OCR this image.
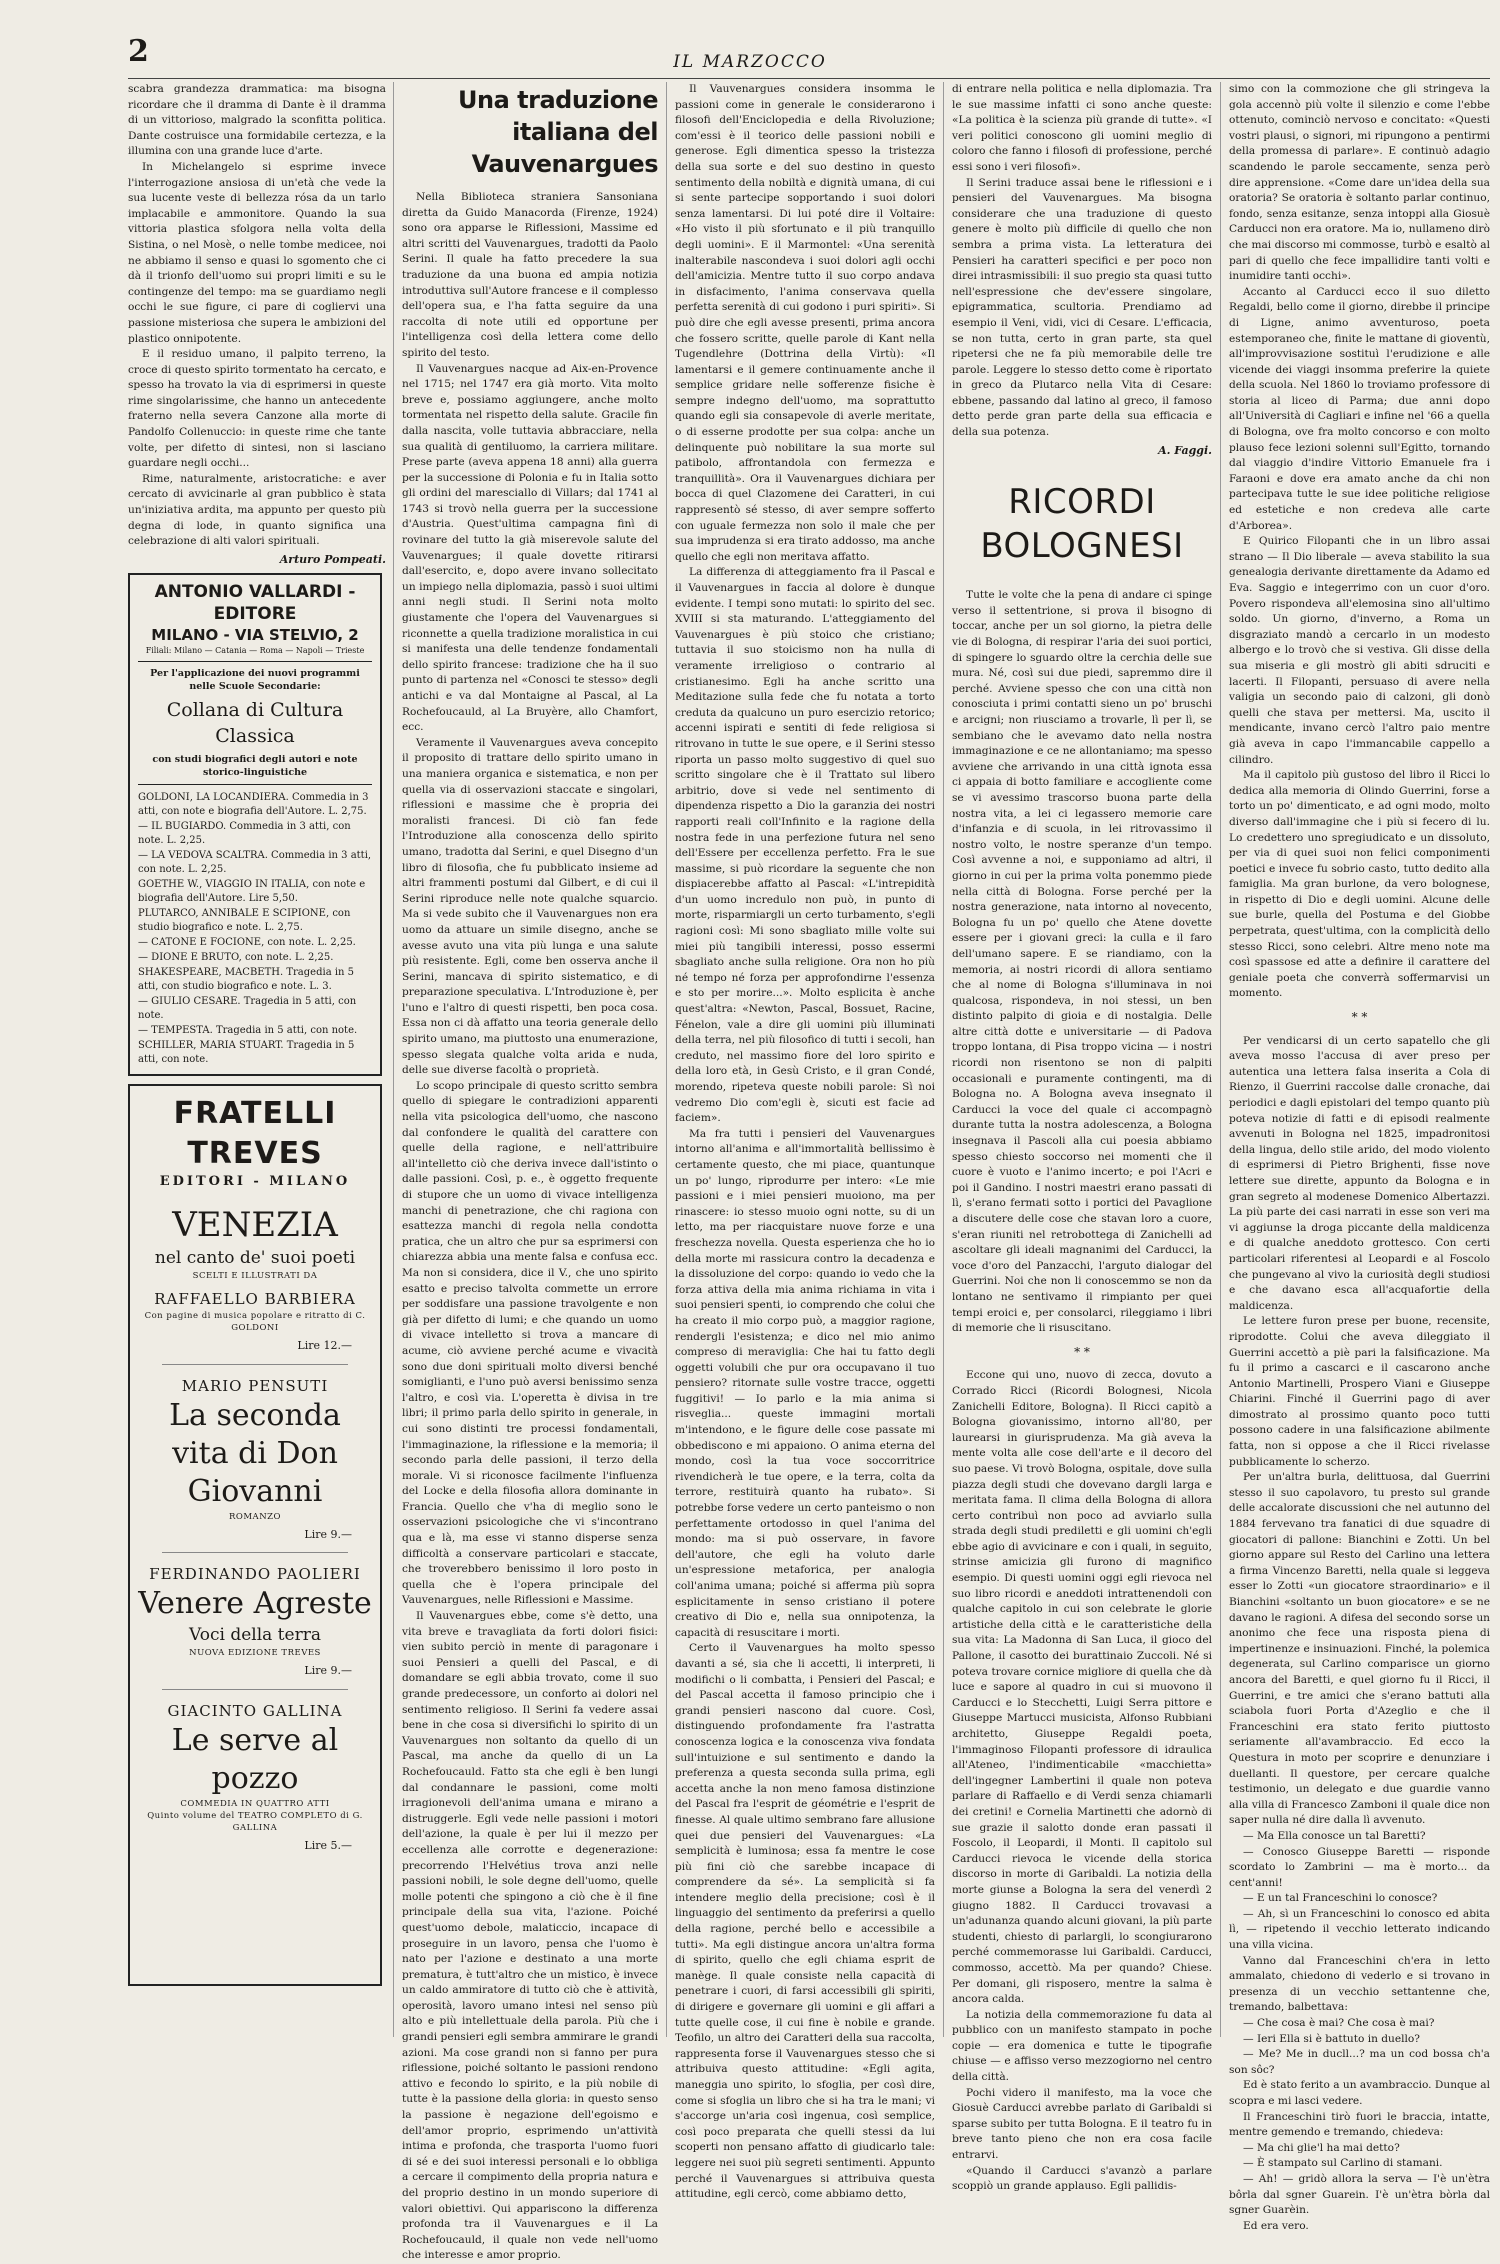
2	IL MARZOCCO

scabra grandezza drammatica: ma bisogna ricordare che il dramma di Dante è il dramma di un vittorioso, malgrado la sconfitta politica. Dante costruisce una formidabile certezza, e la illumina con una grande luce d'arte.

In Michelangelo si esprime invece l'interrogazione ansiosa di un'età che vede la sua lucente veste di bellezza rósa da un tarlo implacabile e ammonitore. Quando la sua vittoria plastica sfolgora nella volta della Sistina, o nel Mosè, o nelle tombe medicee, noi ne abbiamo il senso e quasi lo sgomento che ci dà il trionfo dell'uomo sui propri limiti e su le contingenze del tempo: ma se guardiamo negli occhi le sue figure, ci pare di cogliervi una passione misteriosa che supera le ambizioni del plastico onnipotente.

E il residuo umano, il palpito terreno, la croce di questo spirito tormentato ha cercato, e spesso ha trovato la via di esprimersi in queste rime singolarissime, che hanno un antecedente fraterno nella severa Canzone alla morte di Pandolfo Collenuccio: in queste rime che tante volte, per difetto di sintesi, non si lasciano guardare negli occhi...

Rime, naturalmente, aristocratiche: e aver cercato di avvicinarle al gran pubblico è stata un'iniziativa ardita, ma appunto per questo più degna di lode, in quanto significa una celebrazione di alti valori spirituali.

Arturo Pompeati.
ANTONIO VALLARDI - EDITORE
MILANO - VIA STELVIO, 2
Filiali: Milano — Catania — Roma — Napoli — Trieste
Per l'applicazione dei nuovi programmi nelle Scuole Secondarie:
Collana di Cultura Classica
con studi biografici degli autori e note storico-linguistiche
GOLDONI, LA LOCANDIERA. Commedia in 3 atti, con note e biografia dell'Autore. L. 2,75.
— IL BUGIARDO. Commedia in 3 atti, con note. L. 2,25.
— LA VEDOVA SCALTRA. Commedia in 3 atti, con note. L. 2,25.
GOETHE W., VIAGGIO IN ITALIA, con note e biografia dell'Autore. Lire 5,50.
PLUTARCO, ANNIBALE E SCIPIONE, con studio biografico e note. L. 2,75.
— CATONE E FOCIONE, con note. L. 2,25.
— DIONE E BRUTO, con note. L. 2,25.
SHAKESPEARE, MACBETH. Tragedia in 5 atti, con studio biografico e note. L. 3.
— GIULIO CESARE. Tragedia in 5 atti, con note.
— TEMPESTA. Tragedia in 5 atti, con note.
SCHILLER, MARIA STUART. Tragedia in 5 atti, con note.
FRATELLI TREVES
EDITORI - MILANO
VENEZIA
nel canto de' suoi poeti
SCELTI E ILLUSTRATI DA
RAFFAELLO BARBIERA
Con pagine di musica popolare e ritratto di C. GOLDONI
Lire 12.—
MARIO PENSUTI
La seconda vita di Don Giovanni
ROMANZO
Lire 9.—
FERDINANDO PAOLIERI
Venere Agreste
Voci della terra
NUOVA EDIZIONE TREVES
Lire 9.—
GIACINTO GALLINA
Le serve al pozzo
COMMEDIA IN QUATTRO ATTI
Quinto volume del TEATRO COMPLETO di G. GALLINA
Lire 5.—
Una traduzione italiana del Vauvenargues

Nella Biblioteca straniera Sansoniana diretta da Guido Manacorda (Firenze, 1924) sono ora apparse le Riflessioni, Massime ed altri scritti del Vauvenargues, tradotti da Paolo Serini. Il quale ha fatto precedere la sua traduzione da una buona ed ampia notizia introduttiva sull'Autore francese e il complesso dell'opera sua, e l'ha fatta seguire da una raccolta di note utili ed opportune per l'intelligenza così della lettera come dello spirito del testo.

Il Vauvenargues nacque ad Aix-en-Provence nel 1715; nel 1747 era già morto. Vita molto breve e, possiamo aggiungere, anche molto tormentata nel rispetto della salute. Gracile fin dalla nascita, volle tuttavia abbracciare, nella sua qualità di gentiluomo, la carriera militare. Prese parte (aveva appena 18 anni) alla guerra per la successione di Polonia e fu in Italia sotto gli ordini del maresciallo di Villars; dal 1741 al 1743 si trovò nella guerra per la successione d'Austria. Quest'ultima campagna finì di rovinare del tutto la già miserevole salute del Vauvenargues; il quale dovette ritirarsi dall'esercito, e, dopo avere invano sollecitato un impiego nella diplomazia, passò i suoi ultimi anni negli studi. Il Serini nota molto giustamente che l'opera del Vauvenargues si riconnette a quella tradizione moralistica in cui si manifesta una delle tendenze fondamentali dello spirito francese: tradizione che ha il suo punto di partenza nel «Conosci te stesso» degli antichi e va dal Montaigne al Pascal, al La Rochefoucauld, al La Bruyère, allo Chamfort, ecc.

Veramente il Vauvenargues aveva concepito il proposito di trattare dello spirito umano in una maniera organica e sistematica, e non per quella via di osservazioni staccate e singolari, riflessioni e massime che è propria dei moralisti francesi. Di ciò fan fede l'Introduzione alla conoscenza dello spirito umano, tradotta dal Serini, e quel Disegno d'un libro di filosofia, che fu pubblicato insieme ad altri frammenti postumi dal Gilbert, e di cui il Serini riproduce nelle note qualche squarcio. Ma si vede subito che il Vauvenargues non era uomo da attuare un simile disegno, anche se avesse avuto una vita più lunga e una salute più resistente. Egli, come ben osserva anche il Serini, mancava di spirito sistematico, e di preparazione speculativa. L'Introduzione è, per l'uno e l'altro di questi rispetti, ben poca cosa. Essa non ci dà affatto una teoria generale dello spirito umano, ma piuttosto una enumerazione, spesso slegata qualche volta arida e nuda, delle sue diverse facoltà o proprietà.

Lo scopo principale di questo scritto sembra quello di spiegare le contradizioni apparenti nella vita psicologica dell'uomo, che nascono dal confondere le qualità del carattere con quelle della ragione, e nell'attribuire all'intelletto ciò che deriva invece dall'istinto o dalle passioni. Così, p. e., è oggetto frequente di stupore che un uomo di vivace intelligenza manchi di penetrazione, che chi ragiona con esattezza manchi di regola nella condotta pratica, che un altro che pur sa esprimersi con chiarezza abbia una mente falsa e confusa ecc. Ma non si considera, dice il V., che uno spirito esatto e preciso talvolta commette un errore per soddisfare una passione travolgente e non già per difetto di lumi; e che quando un uomo di vivace intelletto si trova a mancare di acume, ciò avviene perché acume e vivacità sono due doni spirituali molto diversi benché somiglianti, e l'uno può aversi benissimo senza l'altro, e così via. L'operetta è divisa in tre libri; il primo parla dello spirito in generale, in cui sono distinti tre processi fondamentali, l'immaginazione, la riflessione e la memoria; il secondo parla delle passioni, il terzo della morale. Vi si riconosce facilmente l'influenza del Locke e della filosofia allora dominante in Francia. Quello che v'ha di meglio sono le osservazioni psicologiche che vi s'incontrano qua e là, ma esse vi stanno disperse senza difficoltà a conservare particolari e staccate, che troverebbero benissimo il loro posto in quella che è l'opera principale del Vauvenargues, nelle Riflessioni e Massime.

Il Vauvenargues ebbe, come s'è detto, una vita breve e travagliata da forti dolori fisici: vien subito perciò in mente di paragonare i suoi Pensieri a quelli del Pascal, e di domandare se egli abbia trovato, come il suo grande predecessore, un conforto ai dolori nel sentimento religioso. Il Serini fa vedere assai bene in che cosa si diversifichi lo spirito di un Vauvenargues non soltanto da quello di un Pascal, ma anche da quello di un La Rochefoucauld. Fatto sta che egli è ben lungi dal condannare le passioni, come molti irragionevoli dell'anima umana e mirano a distruggerle. Egli vede nelle passioni i motori dell'azione, la quale è per lui il mezzo per eccellenza alle corrotte e degenerazione: precorrendo l'Helvétius trova anzi nelle passioni nobili, le sole degne dell'uomo, quelle molle potenti che spingono a ciò che è il fine principale della sua vita, l'azione. Poiché quest'uomo debole, malaticcio, incapace di proseguire in un lavoro, pensa che l'uomo è nato per l'azione e destinato a una morte prematura, è tutt'altro che un mistico, è invece un caldo ammiratore di tutto ciò che è attività, operosità, lavoro umano intesi nel senso più alto e più intellettuale della parola. Più che i grandi pensieri egli sembra ammirare le grandi azioni. Ma cose grandi non si fanno per pura riflessione, poiché soltanto le passioni rendono attivo e fecondo lo spirito, e la più nobile di tutte è la passione della gloria: in questo senso la passione è negazione dell'egoismo e dell'amor proprio, esprimendo un'attività intima e profonda, che trasporta l'uomo fuori di sé e dei suoi interessi personali e lo obbliga a cercare il compimento della propria natura e del proprio destino in un mondo superiore di valori obiettivi. Qui appariscono la differenza profonda tra il Vauvenargues e il La Rochefoucauld, il quale non vede nell'uomo che interesse e amor proprio.

Il Vauvenargues considera insomma le passioni come in generale le considerarono i filosofi dell'Enciclopedia e della Rivoluzione; com'essi è il teorico delle passioni nobili e generose. Egli dimentica spesso la tristezza della sua sorte e del suo destino in questo sentimento della nobiltà e dignità umana, di cui si sente partecipe sopportando i suoi dolori senza lamentarsi. Di lui poté dire il Voltaire: «Ho visto il più sfortunato e il più tranquillo degli uomini». E il Marmontel: «Una serenità inalterabile nascondeva i suoi dolori agli occhi dell'amicizia. Mentre tutto il suo corpo andava in disfacimento, l'anima conservava quella perfetta serenità di cui godono i puri spiriti». Si può dire che egli avesse presenti, prima ancora che fossero scritte, quelle parole di Kant nella Tugendlehre (Dottrina della Virtù): «Il lamentarsi e il gemere continuamente anche il semplice gridare nelle sofferenze fisiche è sempre indegno dell'uomo, ma soprattutto quando egli sia consapevole di averle meritate, o di esserne prodotte per sua colpa: anche un delinquente può nobilitare la sua morte sul patibolo, affrontandola con fermezza e tranquillità». Ora il Vauvenargues dichiara per bocca di quel Clazomene dei Caratteri, in cui rappresentò sé stesso, di aver sempre sofferto con uguale fermezza non solo il male che per sua imprudenza si era tirato addosso, ma anche quello che egli non meritava affatto.

La differenza di atteggiamento fra il Pascal e il Vauvenargues in faccia al dolore è dunque evidente. I tempi sono mutati: lo spirito del sec. XVIII si sta maturando. L'atteggiamento del Vauvenargues è più stoico che cristiano; tuttavia il suo stoicismo non ha nulla di veramente irreligioso o contrario al cristianesimo. Egli ha anche scritto una Meditazione sulla fede che fu notata a torto creduta da qualcuno un puro esercizio retorico; accenni ispirati e sentiti di fede religiosa si ritrovano in tutte le sue opere, e il Serini stesso riporta un passo molto suggestivo di quel suo scritto singolare che è il Trattato sul libero arbitrio, dove si vede nel sentimento di dipendenza rispetto a Dio la garanzia dei nostri rapporti reali coll'Infinito e la ragione della nostra fede in una perfezione futura nel seno dell'Essere per eccellenza perfetto. Fra le sue massime, si può ricordare la seguente che non dispiacerebbe affatto al Pascal: «L'intrepidità d'un uomo incredulo non può, in punto di morte, risparmiargli un certo turbamento, s'egli ragioni così: Mi sono sbagliato mille volte sui miei più tangibili interessi, posso essermi sbagliato anche sulla religione. Ora non ho più né tempo né forza per approfondirne l'essenza e sto per morire...». Molto esplicita è anche quest'altra: «Newton, Pascal, Bossuet, Racine, Fénelon, vale a dire gli uomini più illuminati della terra, nel più filosofico di tutti i secoli, han creduto, nel massimo fiore del loro spirito e della loro età, in Gesù Cristo, e il gran Condé, morendo, ripeteva queste nobili parole: Sì noi vedremo Dio com'egli è, sicuti est facie ad faciem».

Ma fra tutti i pensieri del Vauvenargues intorno all'anima e all'immortalità bellissimo è certamente questo, che mi piace, quantunque un po' lungo, riprodurre per intero: «Le mie passioni e i miei pensieri muoiono, ma per rinascere: io stesso muoio ogni notte, su di un letto, ma per riacquistare nuove forze e una freschezza novella. Questa esperienza che ho io della morte mi rassicura contro la decadenza e la dissoluzione del corpo: quando io vedo che la forza attiva della mia anima richiama in vita i suoi pensieri spenti, io comprendo che colui che ha creato il mio corpo può, a maggior ragione, rendergli l'esistenza; e dico nel mio animo compreso di meraviglia: Che hai tu fatto degli oggetti volubili che pur ora occupavano il tuo pensiero? ritornate sulle vostre tracce, oggetti fuggitivi! — Io parlo e la mia anima si risveglia... queste immagini mortali m'intendono, e le figure delle cose passate mi obbediscono e mi appaiono. O anima eterna del mondo, così la tua voce soccorritrice rivendicherà le tue opere, e la terra, colta da terrore, restituirà quanto ha rubato». Si potrebbe forse vedere un certo panteismo o non perfettamente ortodosso in quel l'anima del mondo: ma si può osservare, in favore dell'autore, che egli ha voluto darle un'espressione metaforica, per analogia coll'anima umana; poiché si afferma più sopra esplicitamente in senso cristiano il potere creativo di Dio e, nella sua onnipotenza, la capacità di resuscitare i morti.

Certo il Vauvenargues ha molto spesso davanti a sé, sia che li accetti, li interpreti, li modifichi o li combatta, i Pensieri del Pascal; e del Pascal accetta il famoso principio che i grandi pensieri nascono dal cuore. Così, distinguendo profondamente fra l'astratta conoscenza logica e la conoscenza viva fondata sull'intuizione e sul sentimento e dando la preferenza a questa seconda sulla prima, egli accetta anche la non meno famosa distinzione del Pascal fra l'esprit de géométrie e l'esprit de finesse. Al quale ultimo sembrano fare allusione quei due pensieri del Vauvenargues: «La semplicità è luminosa; essa fa mentre le cose più fini ciò che sarebbe incapace di comprendere da sé». La semplicità si fa intendere meglio della precisione; così è il linguaggio del sentimento da preferirsi a quello della ragione, perché bello e accessibile a tutti». Ma egli distingue ancora un'altra forma di spirito, quello che egli chiama esprit de manège. Il quale consiste nella capacità di penetrare i cuori, di farsi accessibili gli spiriti, di dirigere e governare gli uomini e gli affari a tutte quelle cose, il cui fine è nobile e grande. Teofilo, un altro dei Caratteri della sua raccolta, rappresenta forse il Vauvenargues stesso che si attribuiva questo attitudine: «Egli agita, maneggia uno spirito, lo sfoglia, per così dire, come si sfoglia un libro che si ha tra le mani; vi s'accorge un'aria così ingenua, così semplice, così poco preparata che quelli stessi da lui scoperti non pensano affatto di giudicarlo tale: leggere nei suoi più segreti sentimenti. Appunto perché il Vauvenargues si attribuiva questa attitudine, egli cercò, come abbiamo detto,

di entrare nella politica e nella diplomazia. Tra le sue massime infatti ci sono anche queste: «La politica è la scienza più grande di tutte». «I veri politici conoscono gli uomini meglio di coloro che fanno i filosofi di professione, perché essi sono i veri filosofi».

Il Serini traduce assai bene le riflessioni e i pensieri del Vauvenargues. Ma bisogna considerare che una traduzione di questo genere è molto più difficile di quello che non sembra a prima vista. La letteratura dei Pensieri ha caratteri specifici e per poco non direi intrasmissibili: il suo pregio sta quasi tutto nell'espressione che dev'essere singolare, epigrammatica, scultoria. Prendiamo ad esempio il Veni, vidi, vici di Cesare. L'efficacia, se non tutta, certo in gran parte, sta quel ripetersi che ne fa più memorabile delle tre parole. Leggere lo stesso detto come è riportato in greco da Plutarco nella Vita di Cesare: ebbene, passando dal latino al greco, il famoso detto perde gran parte della sua efficacia e della sua potenza.

A. Faggi.
RICORDI BOLOGNESI

Tutte le volte che la pena di andare ci spinge verso il settentrione, si prova il bisogno di toccar, anche per un sol giorno, la pietra delle vie di Bologna, di respirar l'aria dei suoi portici, di spingere lo sguardo oltre la cerchia delle sue mura. Né, così sui due piedi, sapremmo dire il perché. Avviene spesso che con una città non conosciuta i primi contatti sieno un po' bruschi e arcigni; non riusciamo a trovarle, lì per lì, se sembiano che le avevamo dato nella nostra immaginazione e ce ne allontaniamo; ma spesso avviene che arrivando in una città ignota essa ci appaia di botto familiare e accogliente come se vi avessimo trascorso buona parte della nostra vita, a lei ci legassero memorie care d'infanzia e di scuola, in lei ritrovassimo il nostro volto, le nostre speranze d'un tempo. Così avvenne a noi, e supponiamo ad altri, il giorno in cui per la prima volta ponemmo piede nella città di Bologna. Forse perché per la nostra generazione, nata intorno al novecento, Bologna fu un po' quello che Atene dovette essere per i giovani greci: la culla e il faro dell'umano sapere. E se riandiamo, con la memoria, ai nostri ricordi di allora sentiamo che al nome di Bologna s'illuminava in noi qualcosa, rispondeva, in noi stessi, un ben distinto palpito di gioia e di nostalgia. Delle altre città dotte e universitarie — di Padova troppo lontana, di Pisa troppo vicina — i nostri ricordi non risentono se non di palpiti occasionali e puramente contingenti, ma di Bologna no. A Bologna aveva insegnato il Carducci la voce del quale ci accompagnò durante tutta la nostra adolescenza, a Bologna insegnava il Pascoli alla cui poesia abbiamo spesso chiesto soccorso nei momenti che il cuore è vuoto e l'animo incerto; e poi l'Acri e poi il Gandino. I nostri maestri erano passati di lì, s'erano fermati sotto i portici del Pavaglione a discutere delle cose che stavan loro a cuore, s'eran riuniti nel retrobottega di Zanichelli ad ascoltare gli ideali magnanimi del Carducci, la voce d'oro del Panzacchi, l'arguto dialogar del Guerrini. Noi che non li conoscemmo se non da lontano ne sentivamo il rimpianto per quei tempi eroici e, per consolarci, rileggiamo i libri di memorie che li risuscitano.

* *

Eccone qui uno, nuovo di zecca, dovuto a Corrado Ricci (Ricordi Bolognesi, Nicola Zanichelli Editore, Bologna). Il Ricci capitò a Bologna giovanissimo, intorno all'80, per laurearsi in giurisprudenza. Ma già aveva la mente volta alle cose dell'arte e il decoro del suo paese. Vi trovò Bologna, ospitale, dove sulla piazza degli studi che dovevano dargli larga e meritata fama. Il clima della Bologna di allora certo contribuì non poco ad avviarlo sulla strada degli studi prediletti e gli uomini ch'egli ebbe agio di avvicinare e con i quali, in seguito, strinse amicizia gli furono di magnifico esempio. Di questi uomini oggi egli rievoca nel suo libro ricordi e aneddoti intrattenendoli con qualche capitolo in cui son celebrate le glorie artistiche della città e le caratteristiche della sua vita: La Madonna di San Luca, il gioco del Pallone, il casotto dei burattinaio Zuccoli. Né si poteva trovare cornice migliore di quella che dà luce e sapore al quadro in cui si muovono il Carducci e lo Stecchetti, Luigi Serra pittore e Giuseppe Martucci musicista, Alfonso Rubbiani architetto, Giuseppe Regaldi poeta, l'immaginoso Filopanti professore di idraulica all'Ateneo, l'indimenticabile «macchietta» dell'ingegner Lambertini il quale non poteva parlare di Raffaello e di Verdi senza chiamarli dei cretini! e Cornelia Martinetti che adornò di sue grazie il salotto donde eran passati il Foscolo, il Leopardi, il Monti. Il capitolo sul Carducci rievoca le vicende della storica discorso in morte di Garibaldi. La notizia della morte giunse a Bologna la sera del venerdì 2 giugno 1882. Il Carducci trovavasi a un'adunanza quando alcuni giovani, la più parte studenti, chiesto di parlargli, lo scongiurarono perché commemorasse lui Garibaldi. Carducci, commosso, accettò. Ma per quando? Chiese. Per domani, gli risposero, mentre la salma è ancora calda.

La notizia della commemorazione fu data al pubblico con un manifesto stampato in poche copie — era domenica e tutte le tipografie chiuse — e affisso verso mezzogiorno nel centro della città.

Pochi videro il manifesto, ma la voce che Giosuè Carducci avrebbe parlato di Garibaldi si sparse subito per tutta Bologna. E il teatro fu in breve tanto pieno che non era cosa facile entrarvi.

«Quando il Carducci s'avanzò a parlare scoppiò un grande applauso. Egli pallidis-

simo con la commozione che gli stringeva la gola accennò più volte il silenzio e come l'ebbe ottenuto, cominciò nervoso e concitato: «Questi vostri plausi, o signori, mi ripungono a pentirmi della promessa di parlare». E continuò adagio scandendo le parole seccamente, senza però dire apprensione. «Come dare un'idea della sua oratoria? Se oratoria è soltanto parlar continuo, fondo, senza esitanze, senza intoppi alla Giosuè Carducci non era oratore. Ma io, nullameno dirò che mai discorso mi commosse, turbò e esaltò al pari di quello che fece impallidire tanti volti e inumidire tanti occhi».

Accanto al Carducci ecco il suo diletto Regaldi, bello come il giorno, direbbe il principe di Ligne, animo avventuroso, poeta estemporaneo che, finite le mattane di gioventù, all'improvvisazione sostituì l'erudizione e alle vicende dei viaggi insomma preferire la quiete della scuola. Nel 1860 lo troviamo professore di storia al liceo di Parma; due anni dopo all'Università di Cagliari e infine nel '66 a quella di Bologna, ove fra molto concorso e con molto plauso fece lezioni solenni sull'Egitto, tornando dal viaggio d'indire Vittorio Emanuele fra i Faraoni e dove era amato anche da chi non partecipava tutte le sue idee politiche religiose ed estetiche e non credeva alle carte d'Arborea».

E Quirico Filopanti che in un libro assai strano — Il Dio liberale — aveva stabilito la sua genealogia derivante direttamente da Adamo ed Eva. Saggio e integerrimo con un cuor d'oro. Povero rispondeva all'elemosina sino all'ultimo soldo. Un giorno, d'inverno, a Roma un disgraziato mandò a cercarlo in un modesto albergo e lo trovò che si vestiva. Gli disse della sua miseria e gli mostrò gli abiti sdruciti e lacerti. Il Filopanti, persuaso di avere nella valigia un secondo paio di calzoni, gli donò quelli che stava per mettersi. Ma, uscito il mendicante, invano cercò l'altro paio mentre già aveva in capo l'immancabile cappello a cilindro.

Ma il capitolo più gustoso del libro il Ricci lo dedica alla memoria di Olindo Guerrini, forse a torto un po' dimenticato, e ad ogni modo, molto diverso dall'immagine che i più si fecero di lu. Lo credettero uno spregiudicato e un dissoluto, per via di quei suoi non felici componimenti poetici e invece fu sobrio casto, tutto dedito alla famiglia. Ma gran burlone, da vero bolognese, in rispetto di Dio e degli uomini. Alcune delle sue burle, quella del Postuma e del Giobbe perpetrata, quest'ultima, con la complicità dello stesso Ricci, sono celebri. Altre meno note ma così spassose ed atte a definire il carattere del geniale poeta che converrà soffermarvisi un momento.

* *

Per vendicarsi di un certo sapatello che gli aveva mosso l'accusa di aver preso per autentica una lettera falsa inserita a Cola di Rienzo, il Guerrini raccolse dalle cronache, dai periodici e dagli epistolari del tempo quanto più poteva notizie di fatti e di episodi realmente avvenuti in Bologna nel 1825, impadronitosi della lingua, dello stile arido, del modo violento di esprimersi di Pietro Brighenti, fisse nove lettere sue dirette, appunto da Bologna e in gran segreto al modenese Domenico Albertazzi. La più parte dei casi narrati in esse son veri ma vi aggiunse la droga piccante della maldicenza e di qualche aneddoto grottesco. Con certi particolari riferentesi al Leopardi e al Foscolo che pungevano al vivo la curiosità degli studiosi e che davano esca all'acquafortie della maldicenza.

Le lettere furon prese per buone, recensite, riprodotte. Colui che aveva dileggiato il Guerrini accettò a piè pari la falsificazione. Ma fu il primo a cascarci e il cascarono anche Antonio Martinelli, Prospero Viani e Giuseppe Chiarini. Finché il Guerrini pago di aver dimostrato al prossimo quanto poco tutti possono cadere in una falsificazione abilmente fatta, non si oppose a che il Ricci rivelasse pubblicamente lo scherzo.

Per un'altra burla, delittuosa, dal Guerrini stesso il suo capolavoro, tu presto sul grande delle accalorate discussioni che nel autunno del 1884 fervevano tra fanatici di due squadre di giocatori di pallone: Bianchini e Zotti. Un bel giorno appare sul Resto del Carlino una lettera a firma Vincenzo Baretti, nella quale si leggeva esser lo Zotti «un giocatore straordinario» e il Bianchini «soltanto un buon giocatore» e se ne davano le ragioni. A difesa del secondo sorse un anonimo che fece una risposta piena di impertinenze e insinuazioni. Finché, la polemica degenerata, sul Carlino comparisce un giorno ancora del Baretti, e quel giorno fu il Ricci, il Guerrini, e tre amici che s'erano battuti alla sciabola fuori Porta d'Azeglio e che il Franceschini era stato ferito piuttosto seriamente all'avambraccio. Ed ecco la Questura in moto per scoprire e denunziare i duellanti. Il questore, per cercare qualche testimonio, un delegato e due guardie vanno alla villa di Francesco Zamboni il quale dice non saper nulla né dire dalla lì avvenuto.

— Ma Ella conosce un tal Baretti?

— Conosco Giuseppe Baretti — risponde scordato lo Zambrini — ma è morto... da cent'anni!

— E un tal Franceschini lo conosce?

— Ah, sì un Franceschini lo conosco ed abita lì, — ripetendo il vecchio letterato indicando una villa vicina.

Vanno dal Franceschini ch'era in letto ammalato, chiedono di vederlo e si trovano in presenza di un vecchio settantenne che, tremando, balbettava:

— Che cosa è mai? Che cosa è mai?

— Ieri Ella si è battuto in duello?

— Me? Me in ducll...? ma un cod bossa ch'a son sôc?

Ed è stato ferito a un avambraccio. Dunque al scopra e mi lasci vedere.

Il Franceschini tirò fuori le braccia, intatte, mentre gemendo e tremando, chiedeva:

— Ma chi glie'l ha mai detto?

— È stampato sul Carlino di stamani.

— Ah! — gridò allora la serva — I'è un'ètra bôrla dal sgner Guarein. I'è un'ètra bòrla dal sgner Guarèin.

Ed era vero.
